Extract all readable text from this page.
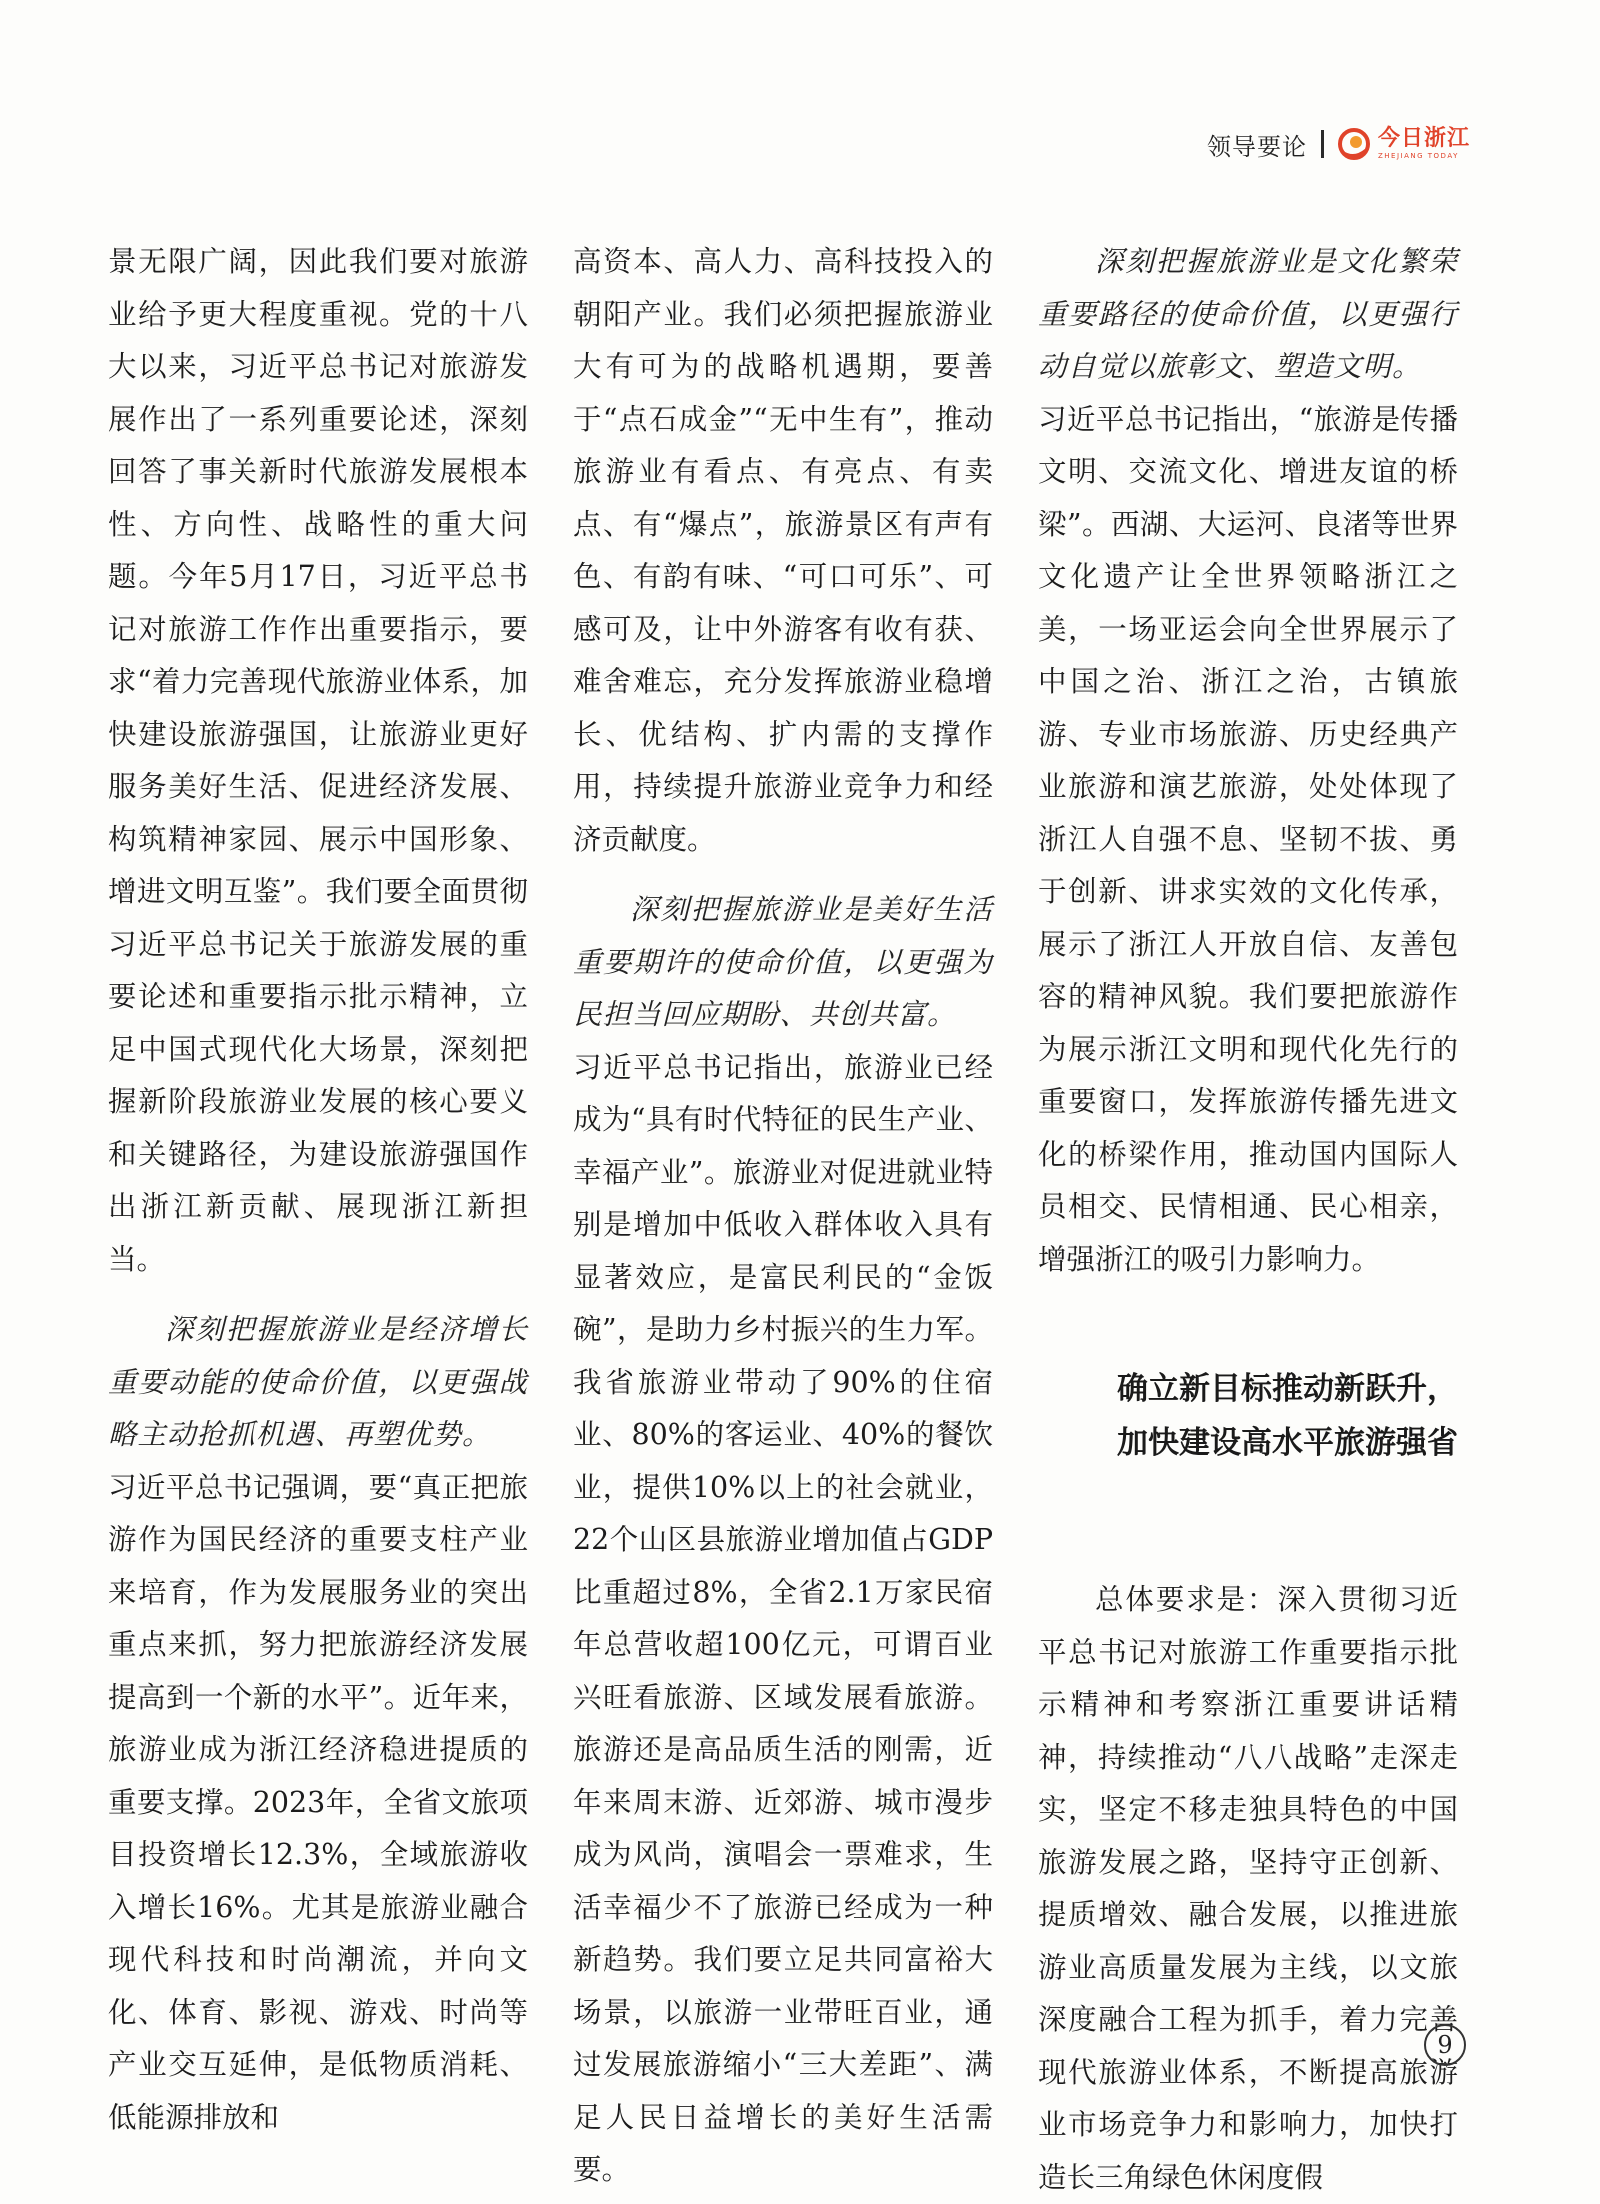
领导要论	今日浙江
ZHEJIANG TODAY

景无限广阔，因此我们要对旅游业给予更大程度重视。党的十八大以来，习近平总书记对旅游发展作出了一系列重要论述，深刻回答了事关新时代旅游发展根本性、方向性、战略性的重大问题。今年5月17日，习近平总书记对旅游工作作出重要指示，要求“着力完善现代旅游业体系，加快建设旅游强国，让旅游业更好服务美好生活、促进经济发展、构筑精神家园、展示中国形象、增进文明互鉴”。我们要全面贯彻习近平总书记关于旅游发展的重要论述和重要指示批示精神，立足中国式现代化大场景，深刻把握新阶段旅游业发展的核心要义和关键路径，为建设旅游强国作出浙江新贡献、展现浙江新担当。

深刻把握旅游业是经济增长重要动能的使命价值，以更强战略主动抢抓机遇、再塑优势。

习近平总书记强调，要“真正把旅游作为国民经济的重要支柱产业来培育，作为发展服务业的突出重点来抓，努力把旅游经济发展提高到一个新的水平”。近年来，旅游业成为浙江经济稳进提质的重要支撑。2023年，全省文旅项目投资增长12.3%，全域旅游收入增长16%。尤其是旅游业融合现代科技和时尚潮流，并向文化、体育、影视、游戏、时尚等产业交互延伸，是低物质消耗、低能源排放和

高资本、高人力、高科技投入的朝阳产业。我们必须把握旅游业大有可为的战略机遇期，要善于“点石成金”“无中生有”，推动旅游业有看点、有亮点、有卖点、有“爆点”，旅游景区有声有色、有韵有味、“可口可乐”、可感可及，让中外游客有收有获、难舍难忘，充分发挥旅游业稳增长、优结构、扩内需的支撑作用，持续提升旅游业竞争力和经济贡献度。

深刻把握旅游业是美好生活重要期许的使命价值，以更强为民担当回应期盼、共创共富。

习近平总书记指出，旅游业已经成为“具有时代特征的民生产业、幸福产业”。旅游业对促进就业特别是增加中低收入群体收入具有显著效应，是富民利民的“金饭碗”，是助力乡村振兴的生力军。我省旅游业带动了90%的住宿业、80%的客运业、40%的餐饮业，提供10%以上的社会就业，22个山区县旅游业增加值占GDP比重超过8%，全省2.1万家民宿年总营收超100亿元，可谓百业兴旺看旅游、区域发展看旅游。旅游还是高品质生活的刚需，近年来周末游、近郊游、城市漫步成为风尚，演唱会一票难求，生活幸福少不了旅游已经成为一种新趋势。我们要立足共同富裕大场景，以旅游一业带旺百业，通过发展旅游缩小“三大差距”、满足人民日益增长的美好生活需要。

深刻把握旅游业是文化繁荣重要路径的使命价值，以更强行动自觉以旅彰文、塑造文明。

习近平总书记指出，“旅游是传播文明、交流文化、增进友谊的桥梁”。西湖、大运河、良渚等世界文化遗产让全世界领略浙江之美，一场亚运会向全世界展示了中国之治、浙江之治，古镇旅游、专业市场旅游、历史经典产业旅游和演艺旅游，处处体现了浙江人自强不息、坚韧不拔、勇于创新、讲求实效的文化传承，展示了浙江人开放自信、友善包容的精神风貌。我们要把旅游作为展示浙江文明和现代化先行的重要窗口，发挥旅游传播先进文化的桥梁作用，推动国内国际人员相交、民情相通、民心相亲，增强浙江的吸引力影响力。

确立新目标推动新跃升，
加快建设高水平旅游强省

总体要求是：深入贯彻习近平总书记对旅游工作重要指示批示精神和考察浙江重要讲话精神，持续推动“八八战略”走深走实，坚定不移走独具特色的中国旅游发展之路，坚持守正创新、提质增效、融合发展，以推进旅游业高质量发展为主线，以文旅深度融合工程为抓手，着力完善现代旅游业体系，不断提高旅游业市场竞争力和影响力，加快打造长三角绿色休闲度假

9
